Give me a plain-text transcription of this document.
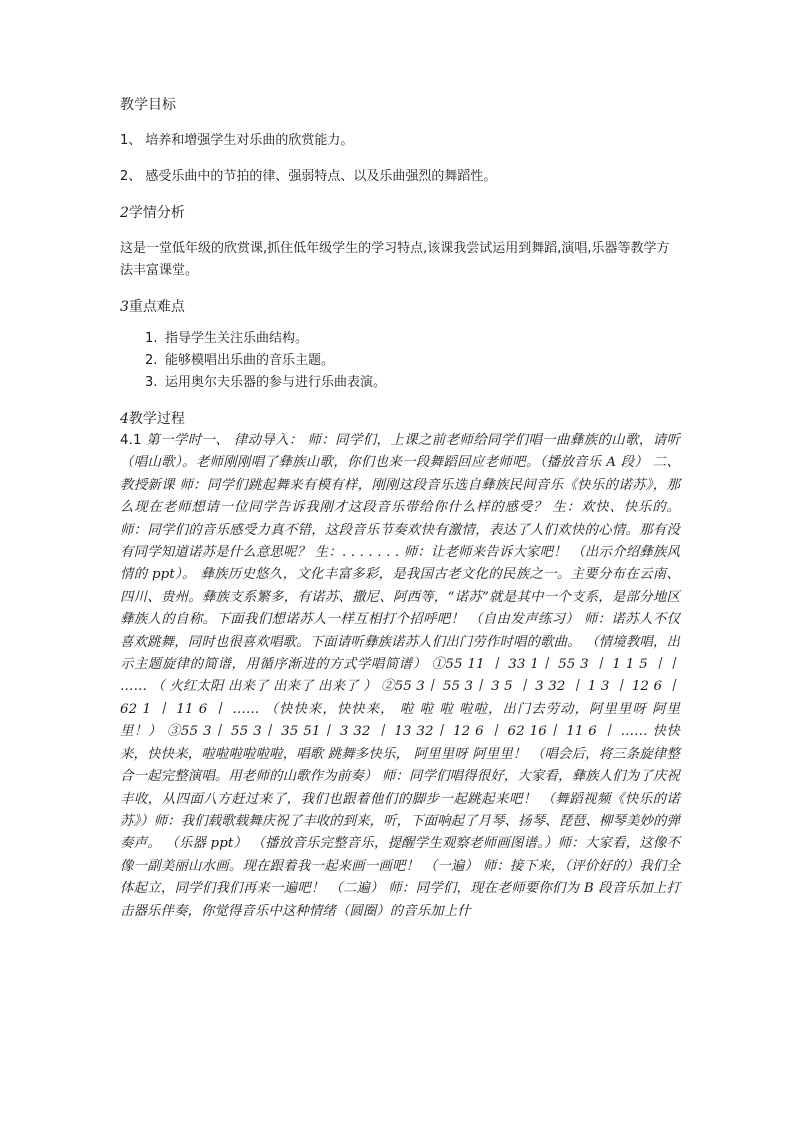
教学目标

1、 培养和增强学生对乐曲的欣赏能力。

2、 感受乐曲中的节拍的律、强弱特点、以及乐曲强烈的舞蹈性。

2学情分析

这是一堂低年级的欣赏课,抓住低年级学生的学习特点,该课我尝试运用到舞蹈,演唱,乐器等教学方法丰富课堂。

3重点难点

1. 指导学生关注乐曲结构。
2. 能够模唱出乐曲的音乐主题。
3. 运用奥尔夫乐器的参与进行乐曲表演。

4教学过程

4.1 第一学时一、 律动导入： 师：同学们，上课之前老师给同学们唱一曲彝族的山歌，请听（唱山歌）。老师刚刚唱了彝族山歌，你们也来一段舞蹈回应老师吧。（播放音乐 A 段） 二、教授新课 师：同学们跳起舞来有模有样，刚刚这段音乐选自彝族民间音乐《快乐的诺苏》，那么现在老师想请一位同学告诉我刚才这段音乐带给你什么样的感受？ 生：欢快、快乐的。 师：同学们的音乐感受力真不错，这段音乐节奏欢快有激情，表达了人们欢快的心情。那有没有同学知道诺苏是什么意思呢？ 生：. . . . . . . 师：让老师来告诉大家吧！ （出示介绍彝族风情的 ppt）。 彝族历史悠久，文化丰富多彩，是我国古老文化的民族之一。主要分布在云南、四川、贵州。彝族支系繁多，有诺苏、撒尼、阿西等，“诺苏”就是其中一个支系，是部分地区彝族人的自称。下面我们想诺苏人一样互相打个招呼吧！ （自由发声练习） 师：诺苏人不仅喜欢跳舞，同时也很喜欢唱歌。下面请听彝族诺苏人们出门劳作时唱的歌曲。 （情境教唱，出示主题旋律的简谱，用循序渐进的方式学唱简谱） ①55 11 丨 33 1丨 55 3 丨 1 1 5 丨丨 …… （ 火红太阳 出来了 出来了 出来了 ） ②55 3丨 55 3丨 3 5 丨 3 32 丨 1 3 丨 12 6 丨 62 1 丨 11 6 丨 …… （快快来，快快来， 啦 啦 啦 啦啦，出门去劳动，阿里里呀 阿里里！） ③55 3丨 55 3丨 35 51丨 3 32 丨 13 32丨 12 6 丨 62 16丨 11 6 丨 …… 快快来，快快来，啦啦啦啦啦啦，唱歌 跳舞多快乐， 阿里里呀 阿里里！ （唱会后，将三条旋律整合一起完整演唱。用老师的山歌作为前奏） 师：同学们唱得很好，大家看，彝族人们为了庆祝丰收，从四面八方赶过来了，我们也跟着他们的脚步一起跳起来吧！ （舞蹈视频《快乐的诺苏》）师：我们载歌载舞庆祝了丰收的到来，听，下面响起了月琴、扬琴、琵琶、柳琴美妙的弹奏声。 （乐器 ppt） （播放音乐完整音乐，提醒学生观察老师画图谱。）师：大家看，这像不像一副美丽山水画。现在跟着我一起来画一画吧！ （一遍） 师：接下来，（评价好的）我们全体起立，同学们我们再来一遍吧！ （二遍） 师：同学们，现在老师要你们为 B 段音乐加上打击器乐伴奏，你觉得音乐中这种情绪（圆圈）的音乐加上什
